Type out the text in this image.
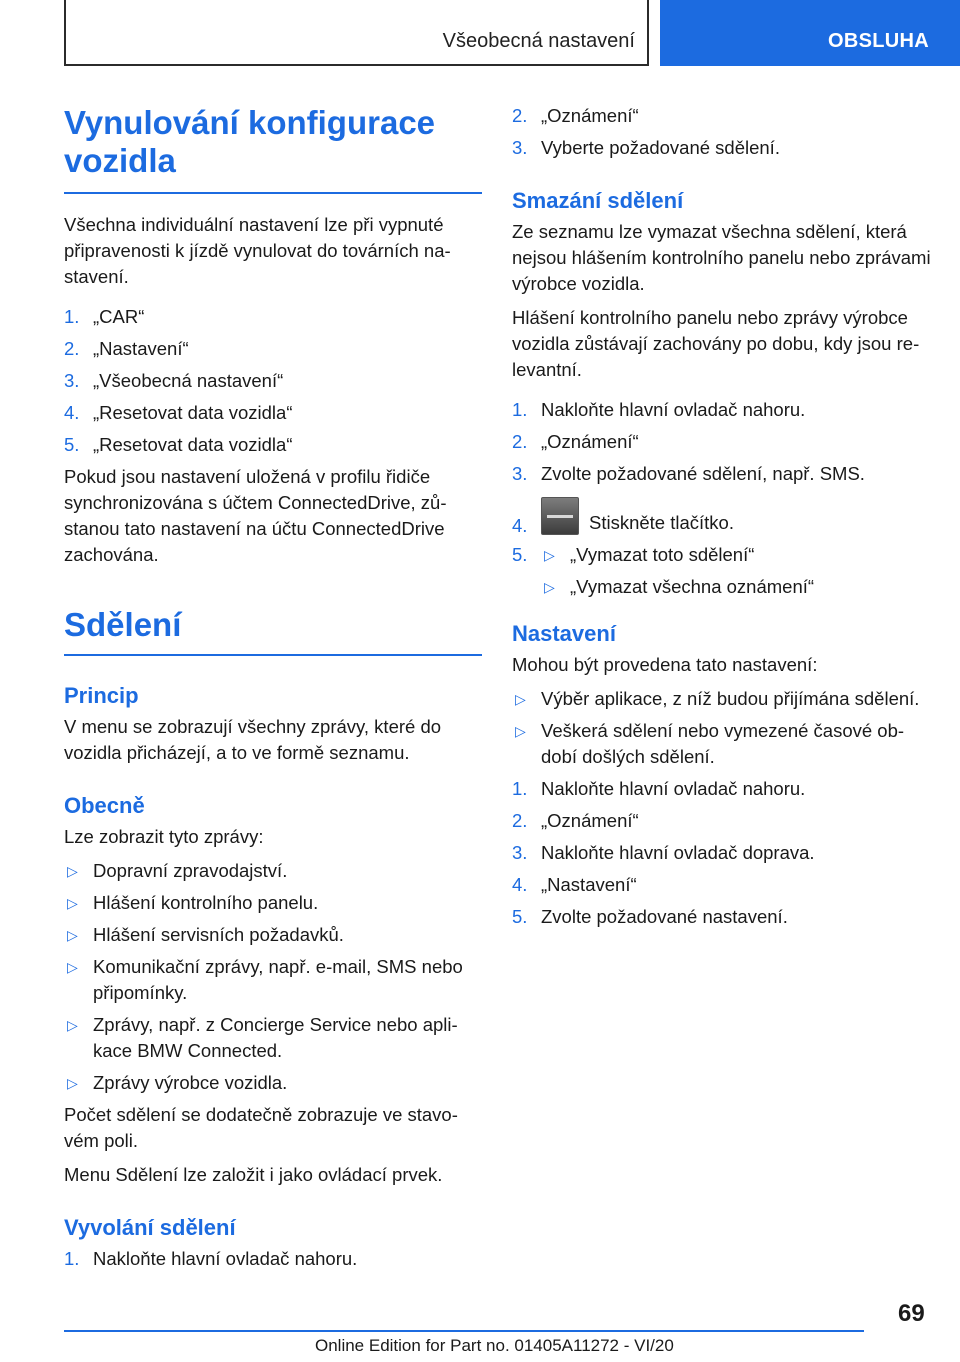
Všeobecná nastavení	OBSLUHA
Vynulování konfigurace
vozidla

Všechna individuální nastavení lze při vypnuté připravenosti k jízdě vynulovat do továrních nastavení.

1. „CAR“
2. „Nastavení“
3. „Všeobecná nastavení“
4. „Resetovat data vozidla“
5. „Resetovat data vozidla“

Pokud jsou nastavení uložená v profilu řidiče synchronizována s účtem ConnectedDrive, zůstanou tato nastavení na účtu ConnectedDrive zachována.

Sdělení
Princip

V menu se zobrazují všechny zprávy, které do vozidla přicházejí, a to ve formě seznamu.

Obecně

Lze zobrazit tyto zprávy:

▷ Dopravní zpravodajství.
▷ Hlášení kontrolního panelu.
▷ Hlášení servisních požadavků.
▷ Komunikační zprávy, např. e-mail, SMS nebo připomínky.
▷ Zprávy, např. z Concierge Service nebo aplikace BMW Connected.
▷ Zprávy výrobce vozidla.

Počet sdělení se dodatečně zobrazuje ve stavovém poli.

Menu Sdělení lze založit i jako ovládací prvek.

Vyvolání sdělení
1. Nakloňte hlavní ovladač nahoru.
2. „Oznámení“
3. Vyberte požadované sdělení.
Smazání sdělení

Ze seznamu lze vymazat všechna sdělení, která nejsou hlášením kontrolního panelu nebo zprávami výrobce vozidla.

Hlášení kontrolního panelu nebo zprávy výrobce vozidla zůstávají zachovány po dobu, kdy jsou relevantní.

1. Nakloňte hlavní ovladač nahoru.
2. „Oznámení“
3. Zvolte požadované sdělení, např. SMS.
4.	Stiskněte tlačítko.
5. ▷ „Vymazat toto sdělení“
▷ „Vymazat všechna oznámení“
Nastavení

Mohou být provedena tato nastavení:

▷ Výběr aplikace, z níž budou přijímána sdělení.
▷ Veškerá sdělení nebo vymezené časové období došlých sdělení.
1. Nakloňte hlavní ovladač nahoru.
2. „Oznámení“
3. Nakloňte hlavní ovladač doprava.
4. „Nastavení“
5. Zvolte požadované nastavení.
69
Online Edition for Part no. 01405A11272 - VI/20
